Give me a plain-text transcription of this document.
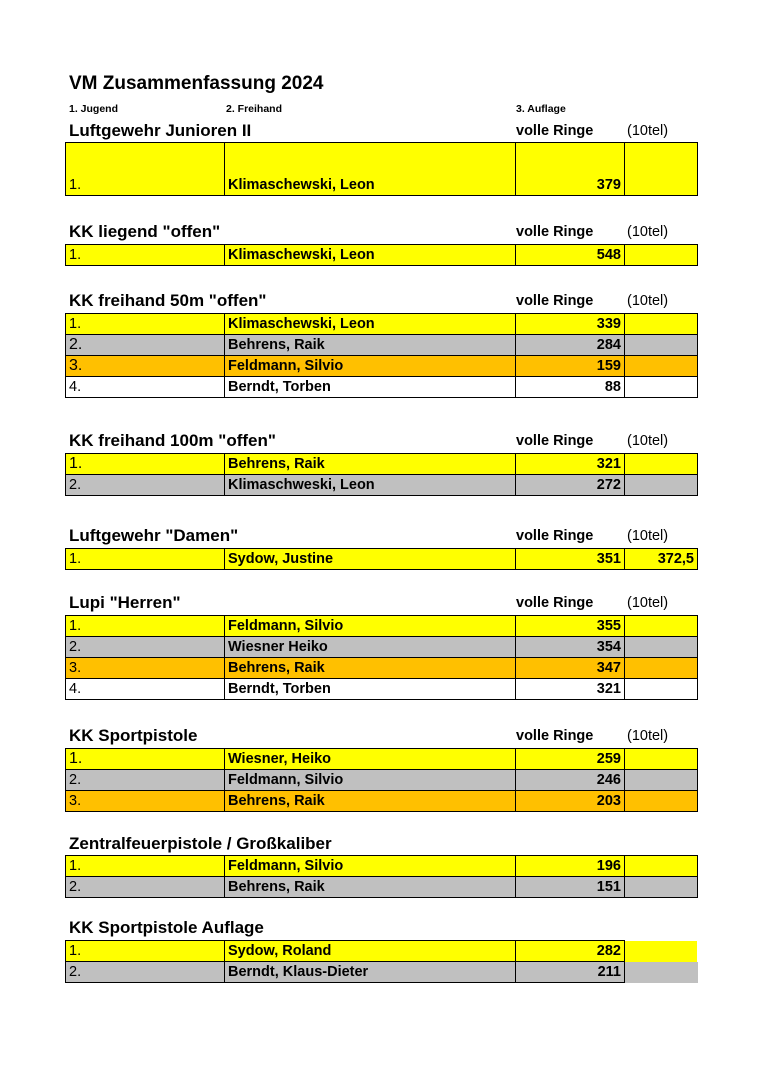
VM Zusammenfassung 2024
1. Jugend	2. Freihand	3. Auflage
Luftgewehr Junioren II	volle Ringe (10tel)
1.	Klimaschewski, Leon	379	
KK liegend "offen"	volle Ringe (10tel)
1.	Klimaschewski, Leon	548	
KK freihand 50m "offen"	volle Ringe (10tel)
1.	Klimaschewski, Leon	339	
2.	Behrens, Raik	284	
3.	Feldmann, Silvio	159	
4.	Berndt, Torben	88	
KK freihand 100m "offen"	volle Ringe (10tel)
1.	Behrens, Raik	321	
2.	Klimaschweski, Leon	272	
Luftgewehr "Damen"	volle Ringe (10tel)
1.	Sydow, Justine	351	372,5
Lupi "Herren"	volle Ringe (10tel)
1.	Feldmann, Silvio	355	
2.	Wiesner Heiko	354	
3.	Behrens, Raik	347	
4.	Berndt, Torben	321	
KK Sportpistole	volle Ringe (10tel)
1.	Wiesner, Heiko	259	
2.	Feldmann, Silvio	246	
3.	Behrens, Raik	203	
Zentralfeuerpistole / Großkaliber
1.	Feldmann, Silvio	196	
2.	Behrens, Raik	151	
KK Sportpistole Auflage
1.	Sydow, Roland	282	
2.	Berndt, Klaus-Dieter	211	
